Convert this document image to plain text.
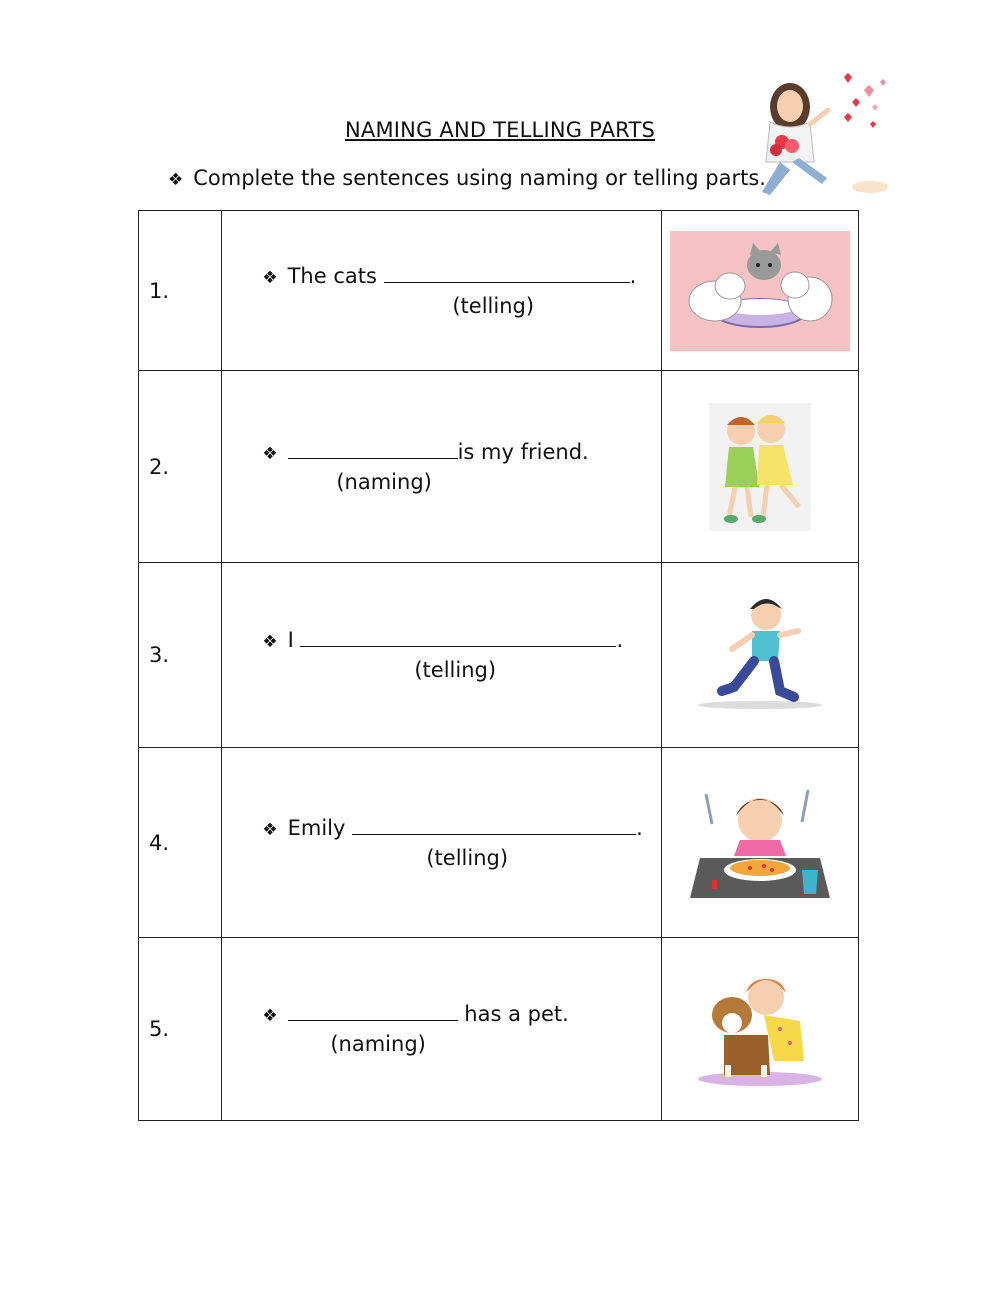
NAMING AND TELLING PARTS
❖ Complete the sentences using naming or telling parts.
1.	❖ The cats .
(telling)

2.	❖ is my friend.
(naming)

3.	❖ I .
(telling)

4.	❖ Emily .
(telling)

5.	❖ has a pet.
(naming)
